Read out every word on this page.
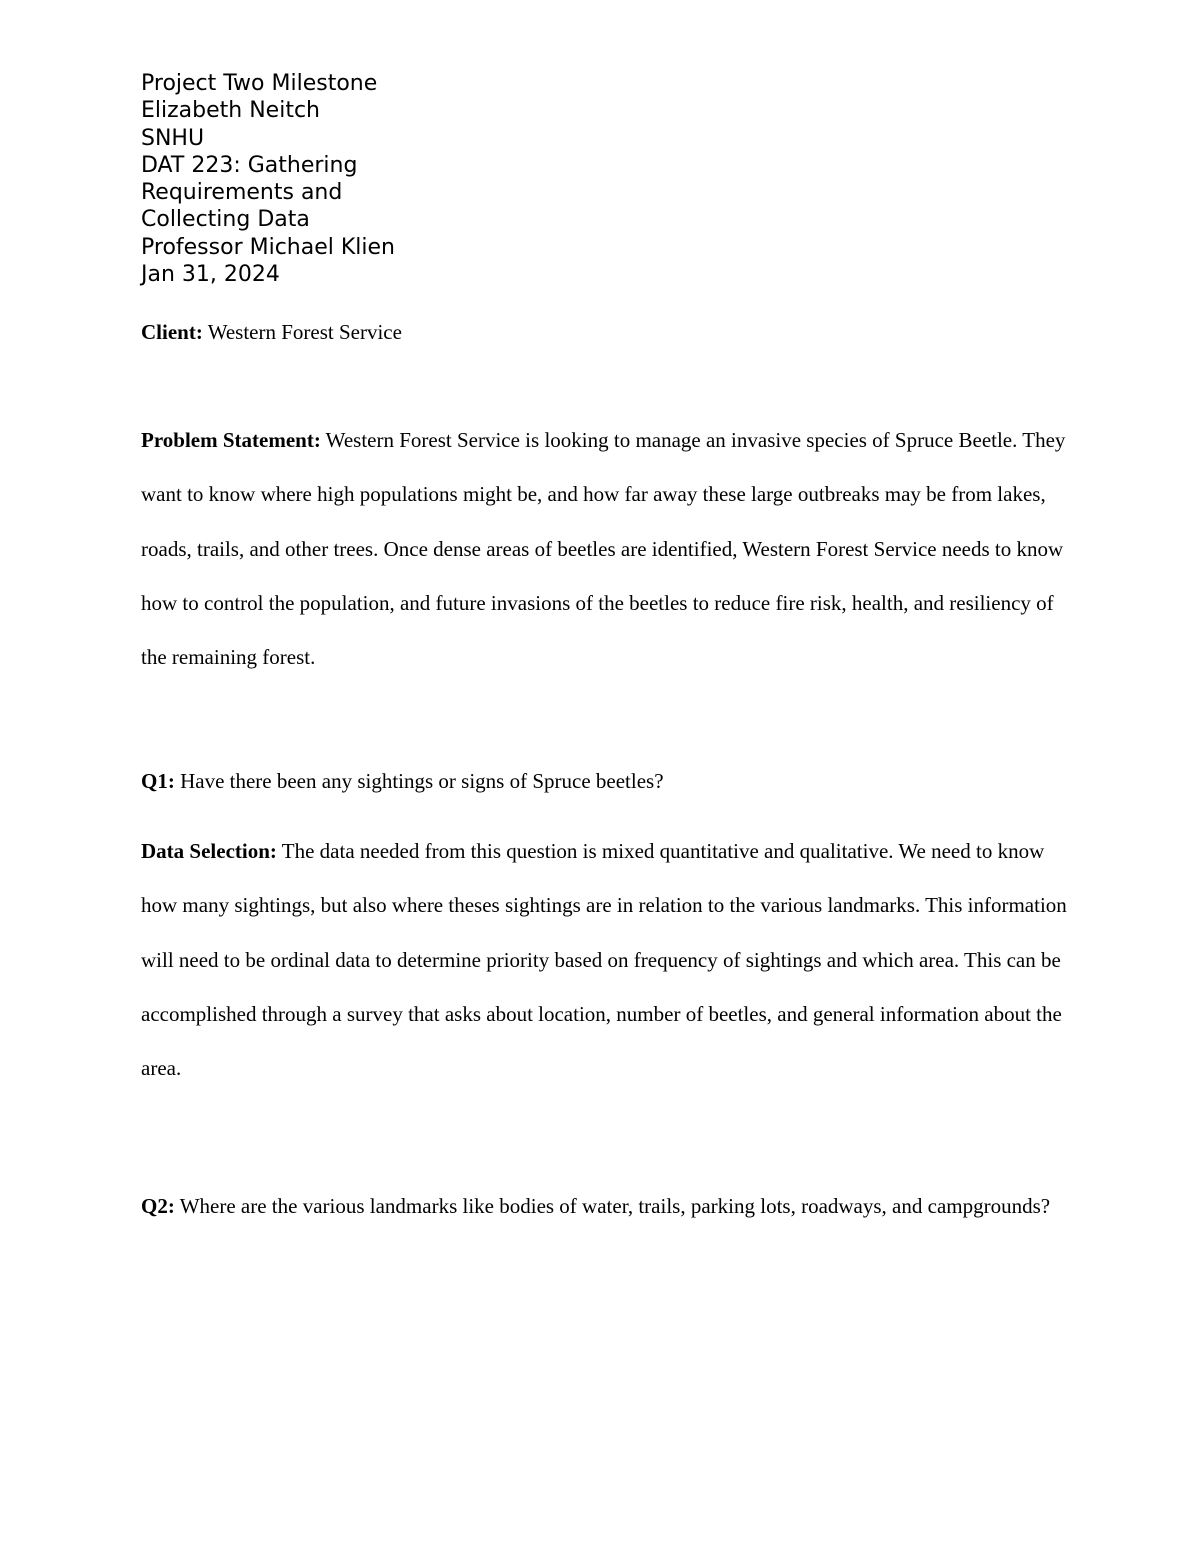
Project Two Milestone
Elizabeth Neitch
SNHU
DAT 223: Gathering
Requirements and
Collecting Data
Professor Michael Klien
Jan 31, 2024

Client: Western Forest Service

Problem Statement: Western Forest Service is looking to manage an invasive species of Spruce Beetle. They want to know where high populations might be, and how far away these large outbreaks may be from lakes, roads, trails, and other trees. Once dense areas of beetles are identified, Western Forest Service needs to know how to control the population, and future invasions of the beetles to reduce fire risk, health, and resiliency of the remaining forest.

Q1: Have there been any sightings or signs of Spruce beetles?

Data Selection: The data needed from this question is mixed quantitative and qualitative. We need to know how many sightings, but also where theses sightings are in relation to the various landmarks. This information will need to be ordinal data to determine priority based on frequency of sightings and which area. This can be accomplished through a survey that asks about location, number of beetles, and general information about the area.

Q2: Where are the various landmarks like bodies of water, trails, parking lots, roadways, and campgrounds?
